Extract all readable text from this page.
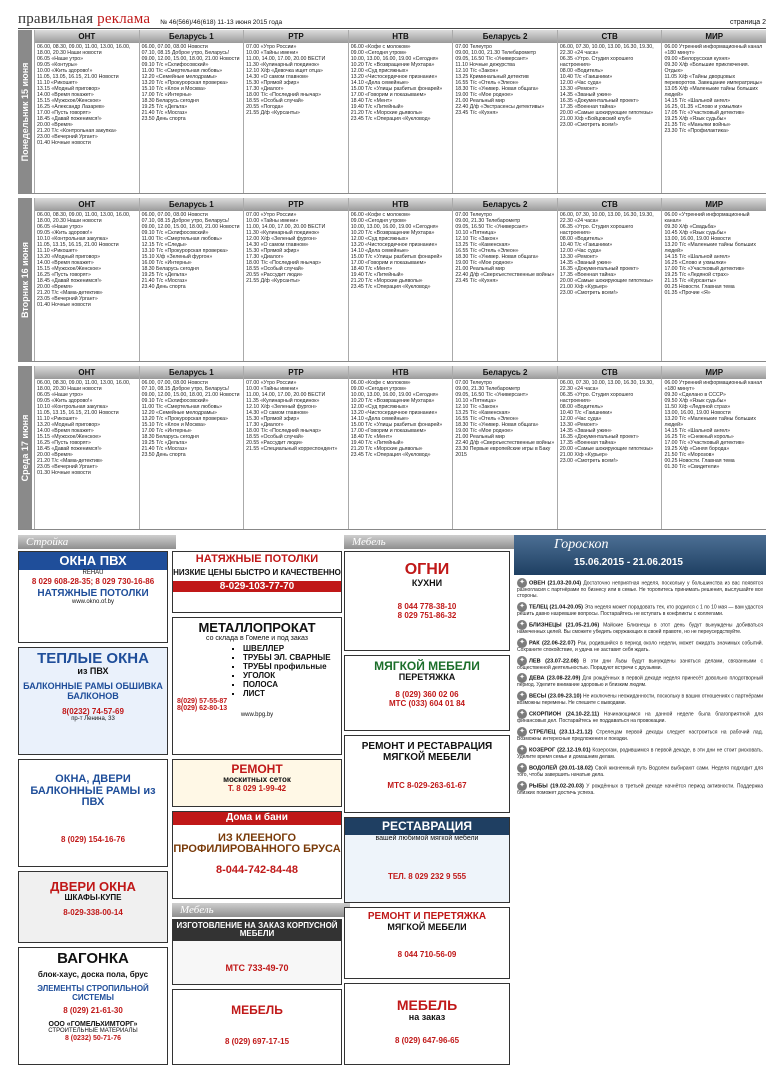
правильная реклама № 46(566)/46(618) 11-13 июня 2015 года	страница 2
Понедельник 15 июня
ОНТ

06.00, 08.30, 09.00, 11.00, 13.00, 16.00, 18.00, 20.30 Наши новости

06.05 «Наше утро»

09.05 «Контуры»

10.00 «Жить здорово!»

11.05, 13.05, 16.15, 21.00 Новости

11.10 «Рикошет»

13.15 «Модный приговор»

14.00 «Время покажет»

15.15 «Мужское/Женское»

16.25 «Александр Лазарев»

17.00 «Пусть говорят»

18.45 «Давай поженимся!»

20.00 «Время»

21.20 Т/с «Контрольная закупка»

23.00 «Вечерний Ургант»

01.40 Ночные новости

Беларусь 1

06.00, 07.00, 08.00 Новости

07.10, 08.15 Доброе утро, Беларусь!

09.00, 12.00, 15.00, 18.00, 21.00 Новости

09.10 Т/с «Склифосовский»

11.00 Т/с «Смертельная любовь»

12.20 «Семейные мелодрамы»

13.20 Т/с «Прокурорская проверка»

15.10 Т/с «Клон и Москва»

17.00 Т/с «Интерны»

18.30 Беларусь сегодня

19.25 Т/с «Дельта»

21.40 Т/с «Мосгаз»

23.50 День спорта

РТР

07.00 «Утро России»

10.00 «Тайны имени»

11.00, 14.00, 17.00, 20.00 ВЕСТИ

11.30 «Кулинарный поединок»

12.10 Х/ф «Девочка ищет отца»

14.30 «О самом главном»

15.30 «Прямой эфир»

17.30 «Диалог»

18.00 Т/с «Последний янычар»

18.55 «Особый случай»

20.55 «Погода»

21.55 Д/ф «Курсанты»

НТВ

06.00 «Кофе с молоком»

09.00 «Сегодня утром»

10.00, 13.00, 16.00, 19.00 «Сегодня»

10.20 Т/с «Возвращение Мухтара»

12.00 «Суд присяжных»

13.20 «Чистосердечное признание»

14.10 «Дела семейные»

15.00 Т/с «Улицы разбитых фонарей»

17.00 «Говорим и показываем»

18.40 Т/с «Мент»

19.40 Т/с «Литейный»

21.20 Т/с «Морские дьяволы»

23.45 Т/с «Операция «Кукловод»

Беларусь 2

07.00 Телеутро

09.00, 10.00, 21.30 Телебарометр

09.05, 16.50 Т/с «Универсант»

11.10 Ночные дежурства

12.10 Т/с «Закон»

13.25 Криминальный детектив

16.55 Т/с «Отель «Элеон»

18.30 Т/с «Универ. Новая общага»

19.00 Т/с «Мое родное»

21.00 Реальный мир

22.40 Д/ф «Экстрасенсы детективы»

23.45 Т/с «Кухня»

СТВ

06.00, 07.30, 10.00, 13.00, 16.30, 19.30, 22.30 «24 часа»

06.35 «Утро. Студия хорошего настроения»

08.00 «Водитель»

10.40 Т/с «Гаишники»

12.00 «Час суда»

13.30 «Ремонт»

14.35 «Званый ужин»

16.35 «Документальный проект»

17.35 «Военная тайна»

20.00 «Самые шокирующие гипотезы»

21.00 Х/ф «Бойцовский клуб»

23.00 «Смотреть всем!»

МИР

06.00 Утренний информационный канал «180 минут»

09.00 «Белорусская кухня»

09.30 Х/ф «Большие приключения. Отдых»

11.05 Х/ф «Тайны дворцовых переворотов. Завещание императрицы»

13.05 Х/ф «Маленькие тайны больших людей»

14.15 Т/с «Шальной ангел»

16.25, 01.35 «Слово и ухмылки»

17.05 Т/с «Участковый детектив»

19.25 Х/ф «Язык судьбы»

21.35 Т/с «Маньяки войны»

23.30 Т/с «Профилактика»

Вторник 16 июня
ОНТ

06.00, 08.30, 09.00, 11.00, 13.00, 16.00, 18.00, 20.30 Наши новости

06.05 «Наше утро»

09.05 «Жить здорово!»

10.10 «Контрольная закупка»

11.05, 13.15, 16.15, 21.00 Новости

11.10 «Рикошет»

13.20 «Модный приговор»

14.00 «Время покажет»

15.15 «Мужское/Женское»

16.25 «Пусть говорят»

18.45 «Давай поженимся!»

20.00 «Время»

21.20 Т/с «Мама-детектив»

23.05 «Вечерний Ургант»

01.40 Ночные новости

Беларусь 1

06.00, 07.00, 08.00 Новости

07.10, 08.15 Доброе утро, Беларусь!

09.00, 12.00, 15.00, 18.00, 21.00 Новости

09.10 Т/с «Склифосовский»

11.00 Т/с «Смертельная любовь»

12.15 Т/с «Следы»

13.10 Т/с «Прокурорская проверка»

15.10 Х/ф «Зеленый фургон»

16.00 Т/с «Интерны»

18.30 Беларусь сегодня

19.25 Т/с «Дельта»

21.40 Т/с «Мосгаз»

23.40 День спорта

РТР

07.00 «Утро России»

10.00 «Тайны имени»

11.00, 14.00, 17.00, 20.00 ВЕСТИ

11.30 «Кулинарный поединок»

12.00 Х/ф «Зеленый фургон»

14.30 «О самом главном»

15.30 «Прямой эфир»

17.30 «Диалог»

18.00 Т/с «Последний янычар»

18.55 «Особый случай»

20.55 «Рассудит люди»

21.55 Д/ф «Курсанты»

НТВ

06.00 «Кофе с молоком»

09.00 «Сегодня утром»

10.00, 13.00, 16.00, 19.00 «Сегодня»

10.20 Т/с «Возвращение Мухтара»

12.00 «Суд присяжных»

13.20 «Чистосердечное признание»

14.10 «Дела семейные»

15.00 Т/с «Улицы разбитых фонарей»

17.00 «Говорим и показываем»

18.40 Т/с «Мент»

19.40 Т/с «Литейный»

21.20 Т/с «Морские дьяволы»

23.45 Т/с «Операция «Кукловод»

Беларусь 2

07.00 Телеутро

09.00, 21.30 Телебарометр

09.05, 16.50 Т/с «Универсант»

10.10 «Пятница»

12.10 Т/с «Закон»

13.25 Т/с «Каменская»

16.55 Т/с «Отель «Элеон»

18.30 Т/с «Универ. Новая общага»

19.00 Т/с «Мое родное»

21.00 Реальный мир

22.40 Д/ф «Сверхъестественные войны»

23.45 Т/с «Кухня»

СТВ

06.00, 07.30, 10.00, 13.00, 16.30, 19.30, 22.30 «24 часа»

06.35 «Утро. Студия хорошего настроения»

08.00 «Водитель»

10.40 Т/с «Гаишники»

12.00 «Час суда»

13.30 «Ремонт»

14.35 «Званый ужин»

16.35 «Документальный проект»

17.35 «Военная тайна»

20.00 «Самые шокирующие гипотезы»

21.00 Х/ф «Курьер»

23.00 «Смотреть всем!»

МИР

06.00 «Утренний информационный канал»

09.30 Х/ф «Свадьба»

10.45 Х/ф «Язык судьбы»

13.00, 16.00, 19.00 Новости

13.20 Т/с «Маленькие тайны больших людей»

14.15 Т/с «Шальной ангел»

16.25 «Слово и ухмылки»

17.00 Т/с «Участковый детектив»

19.25 Т/с «Ледяной страх»

21.15 Т/с «Курсанты»

00.25 Новости. Главная тема

01.35 «Прочие «Я»

Среда 17 июня
ОНТ

06.00, 08.30, 09.00, 11.00, 13.00, 16.00, 18.00, 20.30 Наши новости

06.05 «Наше утро»

09.05 «Жить здорово!»

10.10 «Контрольная закупка»

11.05, 13.15, 16.15, 21.00 Новости

11.10 «Рикошет»

13.20 «Модный приговор»

14.00 «Время покажет»

15.15 «Мужское/Женское»

16.25 «Пусть говорят»

18.45 «Давай поженимся!»

20.00 «Время»

21.20 Т/с «Мама-детектив»

23.05 «Вечерний Ургант»

01.30 Ночные новости

Беларусь 1

06.00, 07.00, 08.00 Новости

07.10, 08.15 Доброе утро, Беларусь!

09.00, 12.00, 15.00, 18.00, 21.00 Новости

09.10 Т/с «Склифосовский»

11.00 Т/с «Смертельная любовь»

12.20 «Семейные мелодрамы»

13.20 Т/с «Прокурорская проверка»

15.10 Т/с «Клон и Москва»

17.00 Т/с «Интерны»

18.30 Беларусь сегодня

19.25 Т/с «Дельта»

21.40 Т/с «Мосгаз»

23.50 День спорта

РТР

07.00 «Утро России»

10.00 «Тайны имени»

11.00, 14.00, 17.00, 20.00 ВЕСТИ

11.35 «Кулинарный поединок»

12.10 Х/ф «Зеленый фургон»

14.30 «О самом главном»

15.30 «Прямой эфир»

17.30 «Диалог»

18.00 Т/с «Последний янычар»

18.55 «Особый случай»

20.55 «Рассудит люди»

21.55 «Специальный корреспондент»

НТВ

06.00 «Кофе с молоком»

09.00 «Сегодня утром»

10.00, 13.00, 16.00, 19.00 «Сегодня»

10.20 Т/с «Возвращение Мухтара»

12.00 «Суд присяжных»

13.20 «Чистосердечное признание»

14.10 «Дела семейные»

15.00 Т/с «Улицы разбитых фонарей»

17.00 «Говорим и показываем»

18.40 Т/с «Мент»

19.40 Т/с «Литейный»

21.20 Т/с «Морские дьяволы»

23.45 Т/с «Операция «Кукловод»

Беларусь 2

07.00 Телеутро

09.00, 21.30 Телебарометр

09.05, 16.50 Т/с «Универсант»

10.10 «Пятница»

12.10 Т/с «Закон»

13.25 Т/с «Каменская»

16.55 Т/с «Отель «Элеон»

18.30 Т/с «Универ. Новая общага»

19.00 Т/с «Мое родное»

21.00 Реальный мир

22.40 Д/ф «Сверхъестественные войны»

23.30 Первые европейские игры в Баку 2015

СТВ

06.00, 07.30, 10.00, 13.00, 16.30, 19.30, 22.30 «24 часа»

06.35 «Утро. Студия хорошего настроения»

08.00 «Водитель»

10.40 Т/с «Гаишники»

12.00 «Час суда»

13.30 «Ремонт»

14.35 «Званый ужин»

16.35 «Документальный проект»

17.35 «Военная тайна»

20.00 «Самые шокирующие гипотезы»

21.00 Х/ф «Курьер»

23.00 «Смотреть всем!»

МИР

06.00 Утренний информационный канал «180 минут»

09.30 «Сделано в СССР»

09.50 Х/ф «Язык судьбы»

11.50 Х/ф «Ледяной страх»

13.00, 16.00, 19.00 Новости

13.20 Т/с «Маленькие тайны больших людей»

14.15 Т/с «Шальной ангел»

16.25 Т/с «Снежный король»

17.00 Т/с «Участковый детектив»

19.25 Х/ф «Синяя борода»

21.50 Т/с «Морозов»

00.25 Новости. Главная тема

01.30 Т/с «Свидетели»

Стройка	Мебель
ОКНА ПВХ
RЕHAU
8 029 608-28-35; 8 029 730-16-86
НАТЯЖНЫЕ ПОТОЛКИ
www.okno.of.by
НАТЯЖНЫЕ ПОТОЛКИ
НИЗКИЕ ЦЕНЫ БЫСТРО И КАЧЕСТВЕННО
8-029-103-77-70
ТЕПЛЫЕ ОКНА
из ПВХ
БАЛКОННЫЕ РАМЫ ОБШИВКА БАЛКОНОВ
8(0232) 74-57-69
пр-т Ленина, 33
МЕТАЛЛОПРОКАТ
со склада в Гомеле и под заказ
▪ ШВЕЛЛЕР
▪ ТРУБЫ ЭЛ. СВАРНЫЕ
▪ ТРУБЫ профильные
▪ УГОЛОК
▪ ПОЛОСА
▪ ЛИСТ
8(029) 57-55-87
8(029) 62-80-13
www.bpg.by
РЕМОНТ
москитных сеток
Т. 8 029 1-99-42
ОКНА, ДВЕРИ БАЛКОННЫЕ РАМЫ из ПВХ
8 (029) 154-16-76
Дома и бани
ИЗ КЛЕЕНОГО ПРОФИЛИРОВАННОГО БРУСА
8-044-742-84-48
ДВЕРИ ОКНА
ШКАФЫ-КУПЕ
8-029-338-00-14
ВАГОНКА
блок-хаус, доска пола, брус
ЭЛЕМЕНТЫ СТРОПИЛЬНОЙ СИСТЕМЫ
8 (029) 21-61-30
ООО «ГОМЕЛЬХИМТОРГ»
СТРОИТЕЛЬНЫЕ МАТЕРИАЛЫ
8 (0232) 50-71-76
Мебель
ИЗГОТОВЛЕНИЕ НА ЗАКАЗ КОРПУСНОЙ МЕБЕЛИ
МТС 733-49-70
МЕБЕЛЬ
8 (029) 697-17-15
ОГНИ
КУХНИ
8 044 778-38-10
8 029 751-86-32
МЯГКОЙ МЕБЕЛИ
ПЕРЕТЯЖКА
8 (029) 360 02 06
МТС (033) 604 01 84
РЕМОНТ И РЕСТАВРАЦИЯ МЯГКОЙ МЕБЕЛИ
МТС 8-029-263-61-67
РЕСТАВРАЦИЯ
вашей любимой мягкой мебели
ТЕЛ. 8 029 232 9 555
РЕМОНТ И ПЕРЕТЯЖКА
МЯГКОЙ МЕБЕЛИ
8 044 710-56-09
МЕБЕЛЬ
на заказ
8 (029) 647-96-65
Гороскоп
15.06.2015 - 21.06.2015

✦ ОВЕН (21.03-20.04) Достаточно неприятная неделя, поскольку у большинства из вас появятся разногласия с партнёрами по бизнесу или в семье. Не торопитесь принимать решения, выслушайте все стороны.

✦ ТЕЛЕЦ (21.04-20.05) Эта неделя может порадовать тех, кто родился с 1 по 10 мая — вам удастся решить давно назревшие вопросы. Постарайтесь не вступать в конфликты с коллегами.

✦ БЛИЗНЕЦЫ (21.05-21.06) Майские Близнецы в этот день будут вынуждены добиваться намеченных целей. Вы сможете убедить окружающих в своей правоте, но не переусердствуйте.

✦ РАК (22.06-22.07) Рак, родившийся в период около недели, может ожидать значимых событий. Сохраните спокойствие, и удача не заставит себя ждать.

✦ ЛЕВ (23.07-22.08) В эти дни Львы будут вынуждены заняться делами, связанными с общественной деятельностью. Порадуют встречи с друзьями.

✦ ДЕВА (23.08-22.09) Для рождённых в первой декаде неделя принесёт довольно плодотворный период. Уделите внимание здоровью и близким людям.

✦ ВЕСЫ (23.09-23.10) Не исключены неожиданности, поскольку в ваших отношениях с партнёрами возможны перемены. Не спешите с выводами.

✦ СКОРПИОН (24.10-22.11) Начинающимся на данной неделе была благоприятной для финансовых дел. Постарайтесь не поддаваться на провокации.

✦ СТРЕЛЕЦ (23.11-21.12) Стрелецам первой декады следует настроиться на рабочий лад. Возможны интересные предложения и поездки.

✦ КОЗЕРОГ (22.12-19.01) Козерогам, родившимся в первой декаде, в эти дни не стоит рисковать. Уделите время семье и домашним делам.

✦ ВОДОЛЕЙ (20.01-18.02) Свой жизненный путь Водолеи выбирают сами. Неделя подходит для того, чтобы завершить начатые дела.

✦ РЫБЫ (19.02-20.03) У рождённых в третьей декаде начнётся период активности. Поддержка близких поможет достичь успеха.
